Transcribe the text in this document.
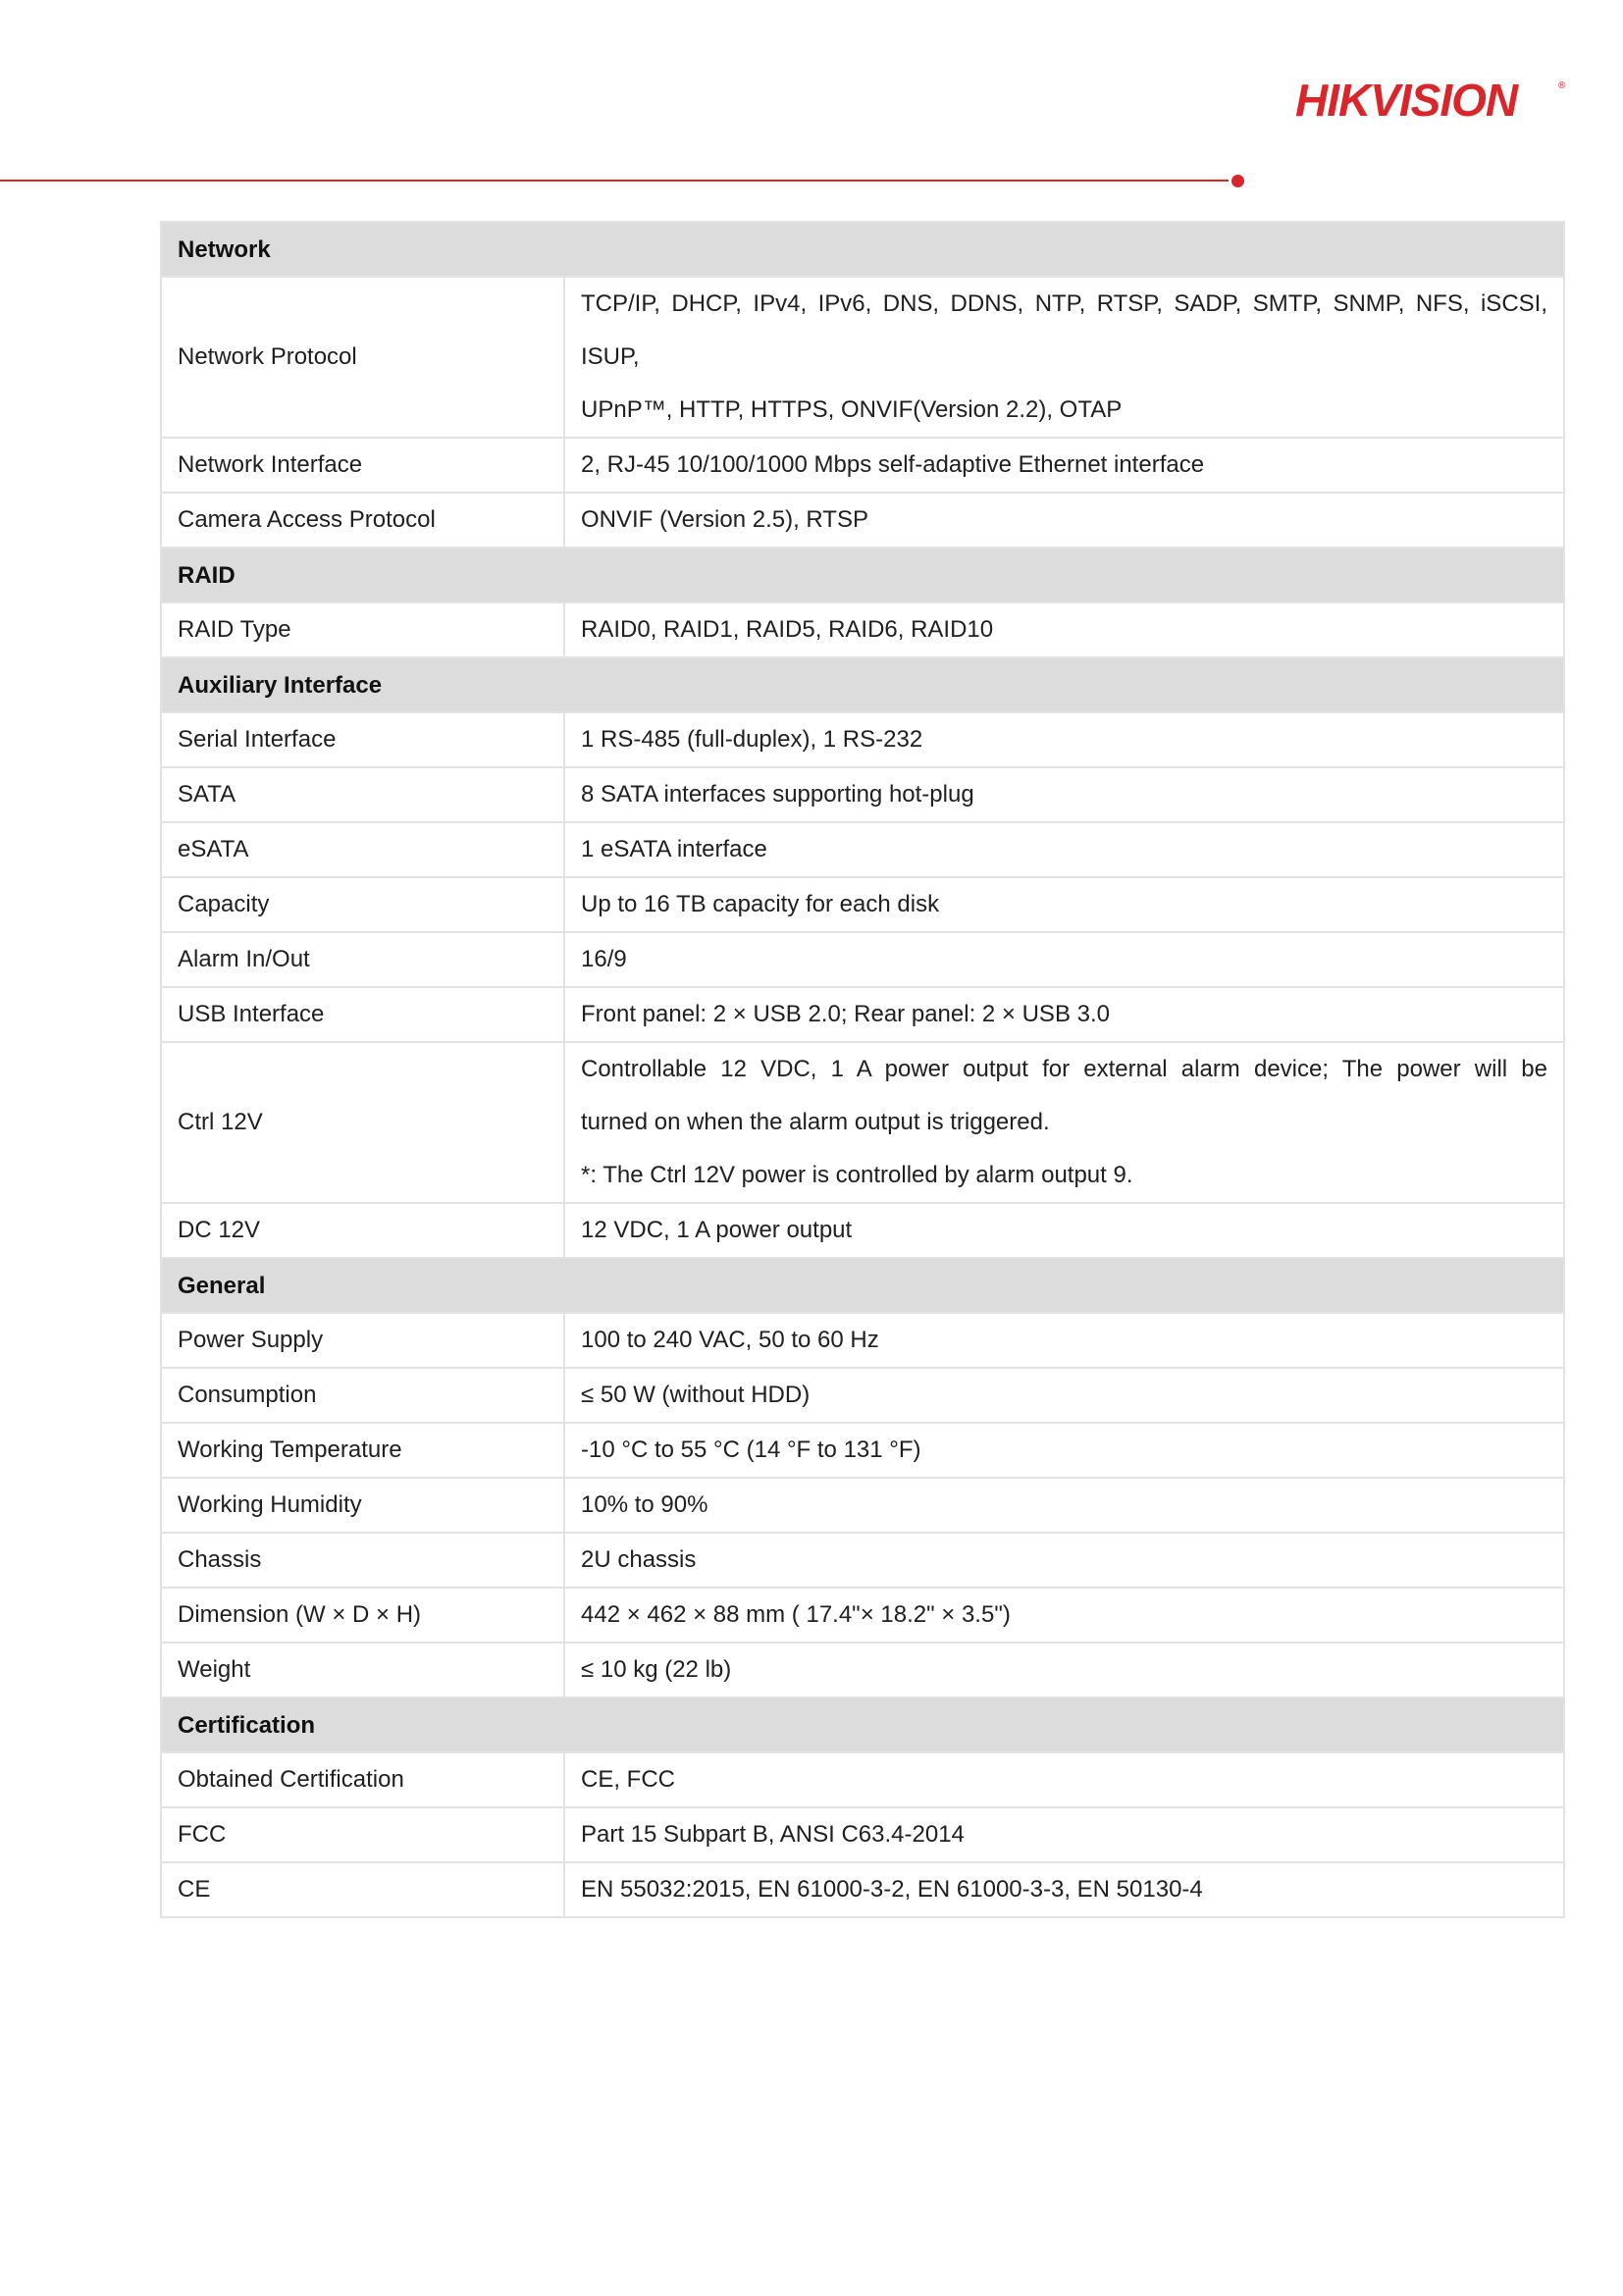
HIKVISION	®
Network	
Network Protocol	TCP/IP, DHCP, IPv4, IPv6, DNS, DDNS, NTP, RTSP, SADP, SMTP, SNMP, NFS, iSCSI, ISUP,
UPnP™, HTTP, HTTPS, ONVIF(Version 2.2), OTAP

Network Interface	2, RJ-45 10/100/1000 Mbps self-adaptive Ethernet interface
Camera Access Protocol	ONVIF (Version 2.5), RTSP
RAID	
RAID Type	RAID0, RAID1, RAID5, RAID6, RAID10
Auxiliary Interface	
Serial Interface	1 RS-485 (full-duplex), 1 RS-232
SATA	8 SATA interfaces supporting hot-plug
eSATA	1 eSATA interface
Capacity	Up to 16 TB capacity for each disk
Alarm In/Out	16/9
USB Interface	Front panel: 2 × USB 2.0; Rear panel: 2 × USB 3.0
Ctrl 12V	Controllable 12 VDC, 1 A power output for external alarm device; The power will be
turned on when the alarm output is triggered.
*: The Ctrl 12V power is controlled by alarm output 9.

DC 12V	12 VDC, 1 A power output
General	
Power Supply	100 to 240 VAC, 50 to 60 Hz
Consumption	≤ 50 W (without HDD)
Working Temperature	-10 °C to 55 °C (14 °F to 131 °F)
Working Humidity	10% to 90%
Chassis	2U chassis
Dimension (W × D × H)	442 × 462 × 88 mm ( 17.4"× 18.2" × 3.5")
Weight	≤ 10 kg (22 lb)
Certification	
Obtained Certification	CE, FCC
FCC	Part 15 Subpart B, ANSI C63.4-2014
CE	EN 55032:2015, EN 61000-3-2, EN 61000-3-3, EN 50130-4
